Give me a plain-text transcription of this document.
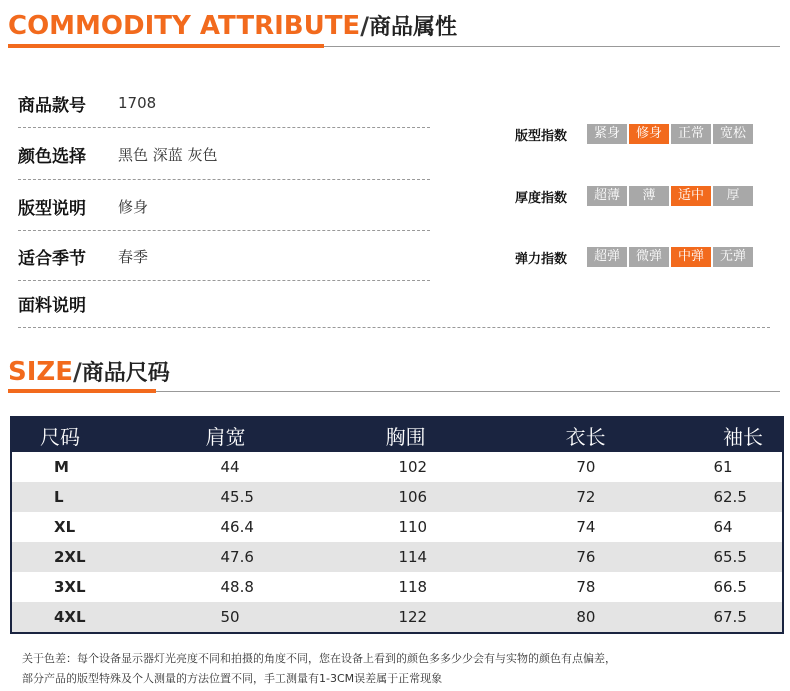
COMMODITY ATTRIBUTE/商品属性
商品款号	1708
颜色选择	黑色 深蓝 灰色
版型说明	修身
适合季节	春季
面料说明
版型指数	紧身	修身	正常	宽松
厚度指数	超薄	薄	适中	厚
弹力指数	超弹	微弹	中弹	无弹
SIZE/商品尺码
尺码	肩宽	胸围	衣长	袖长
M	44	102	70	61
L	45.5	106	72	62.5
XL	46.4	110	74	64
2XL	47.6	114	76	65.5
3XL	48.8	118	78	66.5
4XL	50	122	80	67.5
关于色差：每个设备显示器灯光亮度不同和拍摄的角度不同，您在设备上看到的颜色多多少少会有与实物的颜色有点偏差，
部分产品的版型特殊及个人测量的方法位置不同，手工测量有1-3CM误差属于正常现象
